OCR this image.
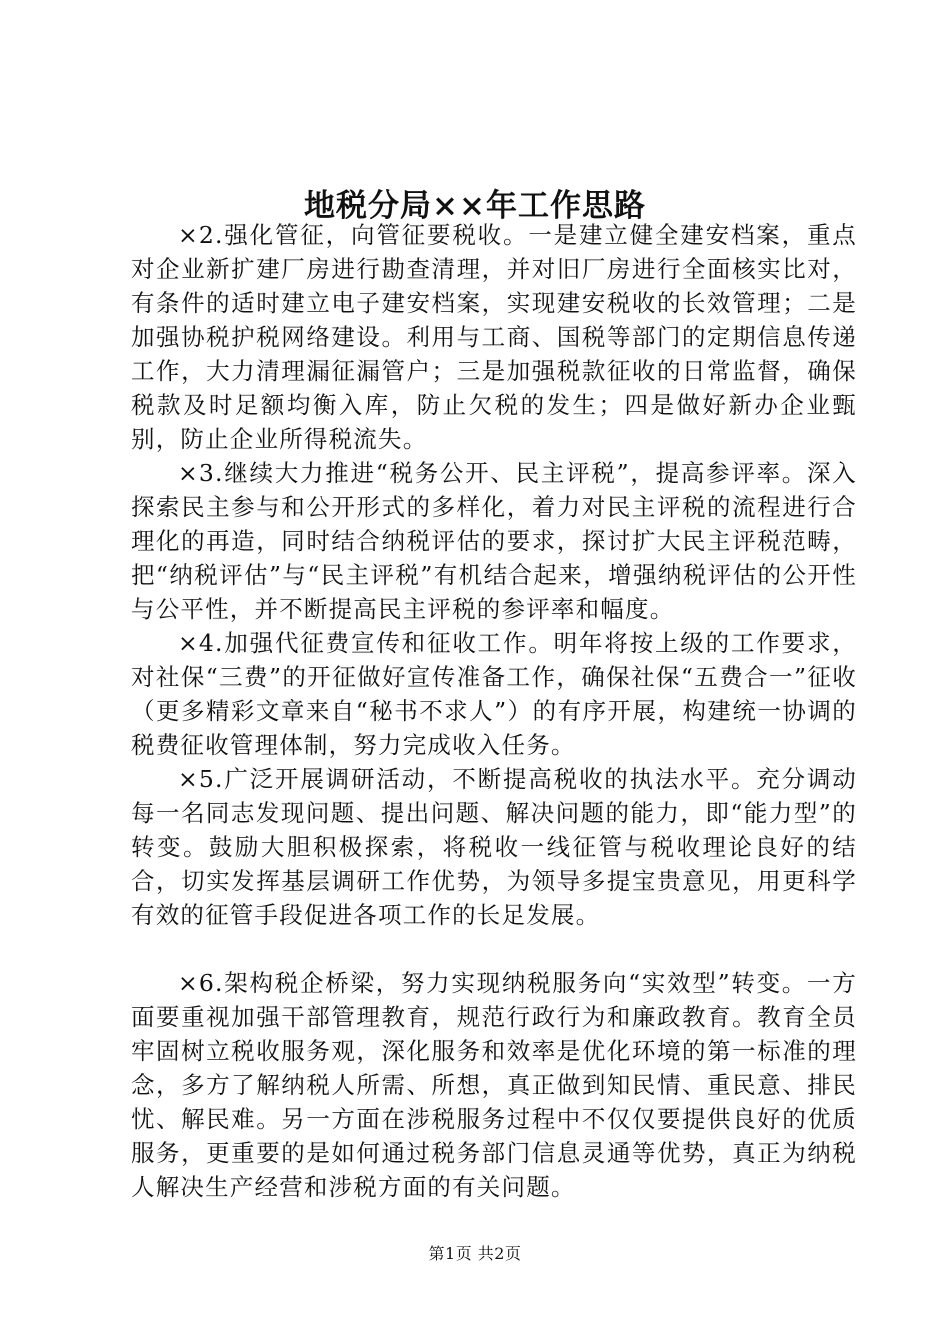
地税分局××年工作思路

×2.强化管征，向管征要税收。一是建立健全建安档案，重点对企业新扩建厂房进行勘查清理，并对旧厂房进行全面核实比对，有条件的适时建立电子建安档案，实现建安税收的长效管理；二是加强协税护税网络建设。利用与工商、国税等部门的定期信息传递工作，大力清理漏征漏管户；三是加强税款征收的日常监督，确保税款及时足额均衡入库，防止欠税的发生；四是做好新办企业甄别，防止企业所得税流失。

×3.继续大力推进“税务公开、民主评税”，提高参评率。深入探索民主参与和公开形式的多样化，着力对民主评税的流程进行合理化的再造，同时结合纳税评估的要求，探讨扩大民主评税范畴，把“纳税评估”与“民主评税”有机结合起来，增强纳税评估的公开性与公平性，并不断提高民主评税的参评率和幅度。

×4.加强代征费宣传和征收工作。明年将按上级的工作要求，对社保“三费”的开征做好宣传准备工作，确保社保“五费合一”征收（更多精彩文章来自“秘书不求人”）的有序开展，构建统一协调的税费征收管理体制，努力完成收入任务。

×5.广泛开展调研活动，不断提高税收的执法水平。充分调动每一名同志发现问题、提出问题、解决问题的能力，即“能力型”的转变。鼓励大胆积极探索，将税收一线征管与税收理论良好的结合，切实发挥基层调研工作优势，为领导多提宝贵意见，用更科学有效的征管手段促进各项工作的长足发展。

×6.架构税企桥梁，努力实现纳税服务向“实效型”转变。一方面要重视加强干部管理教育，规范行政行为和廉政教育。教育全员牢固树立税收服务观，深化服务和效率是优化环境的第一标准的理念，多方了解纳税人所需、所想，真正做到知民情、重民意、排民忧、解民难。另一方面在涉税服务过程中不仅仅要提供良好的优质服务，更重要的是如何通过税务部门信息灵通等优势，真正为纳税人解决生产经营和涉税方面的有关问题。

第1页 共2页
